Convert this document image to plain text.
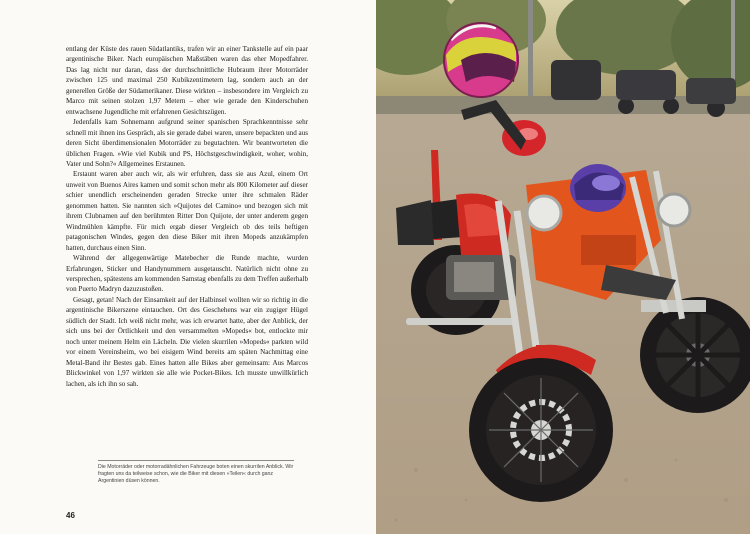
entlang der Küste des rauen Südatlantiks, trafen wir an einer Tankstelle auf ein paar argentinische Biker. Nach europäischen Maßstäben waren das eher Mopedfahrer. Das lag nicht nur daran, dass der durchschnittliche Hubraum ihrer Motorräder zwischen 125 und maximal 250 Kubikzentimetern lag, sondern auch an der generellen Größe der Südamerikaner. Diese wirkten – insbesondere im Vergleich zu Marco mit seinen stolzen 1,97 Metern – eher wie gerade den Kinderschuhen entwachsene Jugendliche mit erfahrenen Gesichtszügen.

Jedenfalls kam Sohnemann aufgrund seiner spanischen Sprachkenntnisse sehr schnell mit ihnen ins Gespräch, als sie gerade dabei waren, unsere bepackten und aus deren Sicht überdimensionalen Motorräder zu begutachten. Wir beantworteten die üblichen Fragen. »Wie viel Kubik und PS, Höchstgeschwindigkeit, woher, wohin, Vater und Sohn?« Allgemeines Erstaunen.

Erstaunt waren aber auch wir, als wir erfuhren, dass sie aus Azul, einem Ort unweit von Buenos Aires kamen und somit schon mehr als 800 Kilometer auf dieser schier unendlich erscheinenden geraden Strecke unter ihre schmalen Räder genommen hatten. Sie nannten sich »Quijotes del Camino« und bezogen sich mit ihrem Clubnamen auf den berühmten Ritter Don Quijote, der unter anderem gegen Windmühlen kämpfte. Für mich ergab dieser Vergleich ob des teils heftigen patagonischen Windes, gegen den diese Biker mit ihren Mopeds anzukämpfen hatten, durchaus einen Sinn.

Während der allgegenwärtige Matebecher die Runde machte, wurden Erfahrungen, Sticker und Handynummern ausgetauscht. Natürlich nicht ohne zu versprechen, spätestens am kommenden Samstag ebenfalls zu dem Treffen außerhalb von Puerto Madryn dazuzustoßen.

Gesagt, getan! Nach der Einsamkeit auf der Halbinsel wollten wir so richtig in die argentinische Bikerszene eintauchen. Ort des Geschehens war ein zugiger Hügel südlich der Stadt. Ich weiß nicht mehr, was ich erwartet hatte, aber der Anblick, der sich uns bei der Örtlichkeit und den versammelten »Mopeds« bot, entlockte mir noch unter meinem Helm ein Lächeln. Die vielen skurrilen »Mopeds« parkten wild vor einem Vereinsheim, wo bei eisigem Wind bereits am späten Nachmittag eine Metal-Band ihr Bestes gab. Eines hatten alle Bikes aber gemeinsam: Aus Marcos Blickwinkel von 1,97 wirkten sie alle wie Pocket-Bikes. Ich musste unwillkürlich lachen, als ich ihn so sah.

Die Motorräder oder motorradähnlichen Fahrzeuge boten einen skurrilen Anblick. Wir fragten uns da teilweise schon, wie die Biker mit diesen »Teilen« durch ganz Argentinien düsen können.
46
